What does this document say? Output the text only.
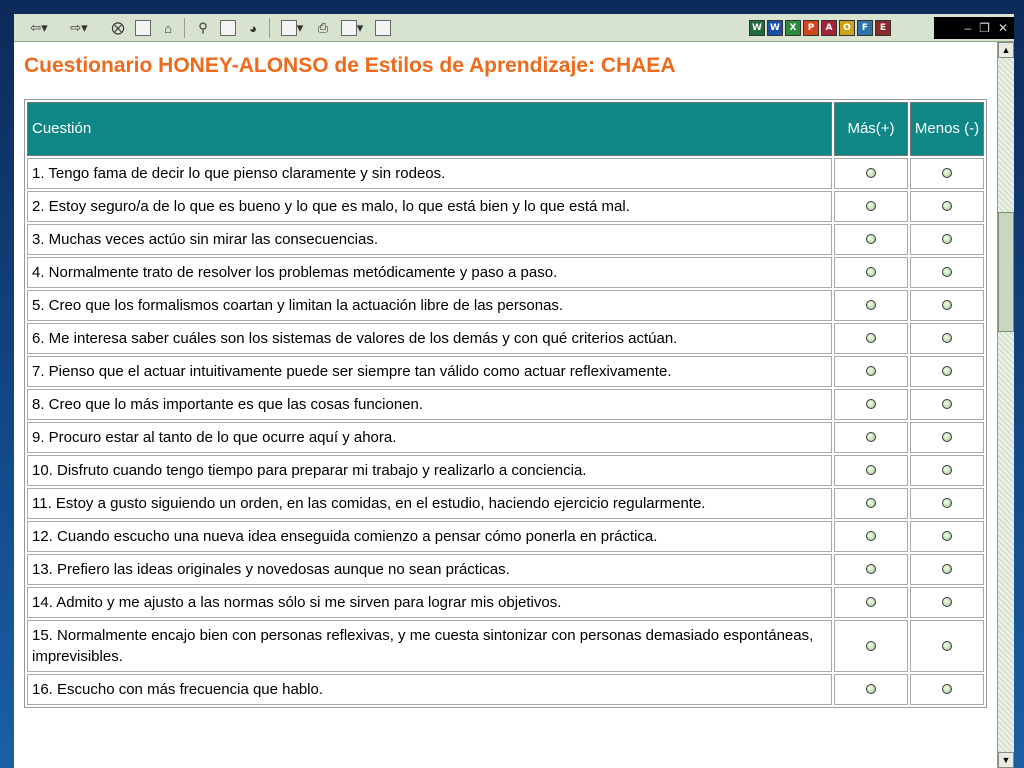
⇦▾	⇨▾	⨂	⌂	⚲	◕	▾ ⎙	▾	W W	X	P	A	O	F	E	– ❐ ✕
▲
▼
Cuestionario HONEY-ALONSO de Estilos de Aprendizaje: CHAEA
Cuestión	Más(+)	Menos (-)
1. Tengo fama de decir lo que pienso claramente y sin rodeos.		
2. Estoy seguro/a de lo que es bueno y lo que es malo, lo que está bien y lo que está mal.		
3. Muchas veces actúo sin mirar las consecuencias.		
4. Normalmente trato de resolver los problemas metódicamente y paso a paso.		
5. Creo que los formalismos coartan y limitan la actuación libre de las personas.		
6. Me interesa saber cuáles son los sistemas de valores de los demás y con qué criterios actúan.		
7. Pienso que el actuar intuitivamente puede ser siempre tan válido como actuar reflexivamente.		
8. Creo que lo más importante es que las cosas funcionen.		
9. Procuro estar al tanto de lo que ocurre aquí y ahora.		
10. Disfruto cuando tengo tiempo para preparar mi trabajo y realizarlo a conciencia.		
11. Estoy a gusto siguiendo un orden, en las comidas, en el estudio, haciendo ejercicio regularmente.		
12. Cuando escucho una nueva idea enseguida comienzo a pensar cómo ponerla en práctica.		
13. Prefiero las ideas originales y novedosas aunque no sean prácticas.		
14. Admito y me ajusto a las normas sólo si me sirven para lograr mis objetivos.		
15. Normalmente encajo bien con personas reflexivas, y me cuesta sintonizar con personas demasiado espontáneas, imprevisibles.		
16. Escucho con más frecuencia que hablo.		
